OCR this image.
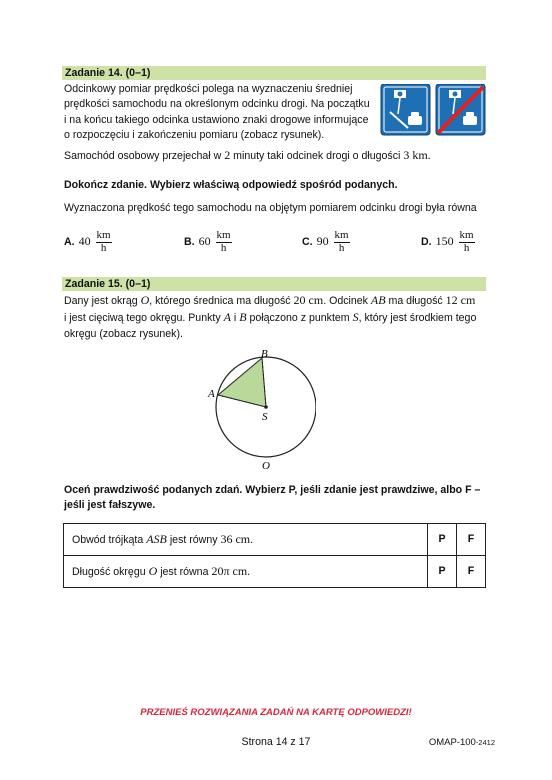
Zadanie 14. (0–1)
Odcinkowy pomiar prędkości polega na wyznaczeniu średniej
prędkości samochodu na określonym odcinku drogi. Na początku
i na końcu takiego odcinka ustawiono znaki drogowe informujące
o rozpoczęciu i zakończeniu pomiaru (zobacz rysunek).
Samochód osobowy przejechał w 2 minuty taki odcinek drogi o długości 3 km.
Dokończ zdanie. Wybierz właściwą odpowiedź spośród podanych.
Wyznaczona prędkość tego samochodu na objętym pomiarem odcinku drogi była równa
A. $40 \frac{km}{h}$	B. $60 \frac{km}{h}$	C. $90 \frac{km}{h}$	D. $150 \frac{km}{h}$
Zadanie 15. (0–1)
Dany jest okrąg O, którego średnica ma długość 20 cm. Odcinek AB ma długość 12 cm
i jest cięciwą tego okręgu. Punkty A i B połączono z punktem S, który jest środkiem tego
okręgu (zobacz rysunek).
B
A
S
O
Oceń prawdziwość podanych zdań. Wybierz P, jeśli zdanie jest prawdziwe, albo F –
jeśli jest fałszywe.
Obwód trójkąta ASB jest równy 36 cm.	P	F
Długość okręgu O jest równa 20π cm.	P	F
PRZENIEŚ ROZWIĄZANIA ZADAŃ NA KARTĘ ODPOWIEDZI!
Strona 14 z 17	OMAP-100-2412
